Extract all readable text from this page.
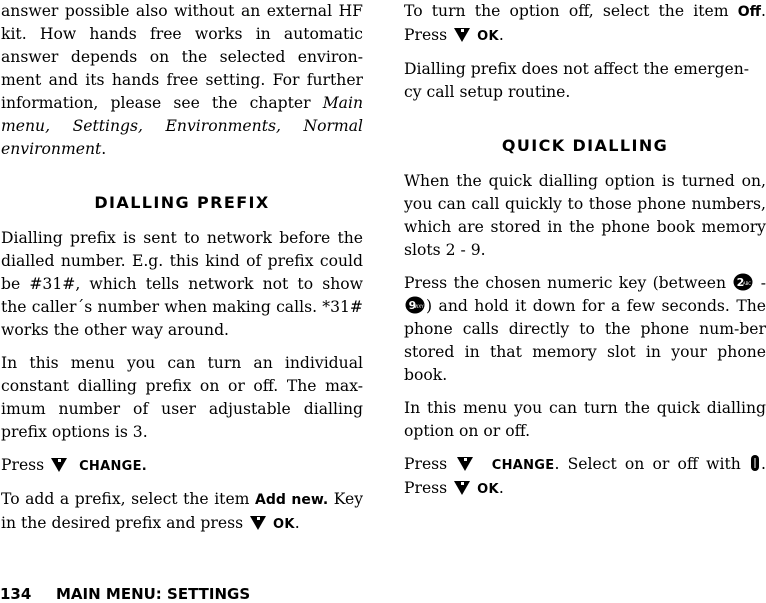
answer possible also without an external HF kit. How hands free works in automatic answer depends on the selected environ-ment and its hands free setting. For further information, please see the chapter Main menu, Settings, Environments, Normal environment.

DIALLING PREFIX

Dialling prefix is sent to network before the dialled number. E.g. this kind of prefix could be #31#, which tells network not to show the caller´s number when making calls. *31# works the other way around.

In this menu you can turn an individual constant dialling prefix on or off. The max-imum number of user adjustable dialling prefix options is 3.

Press	CHANGE.

To add a prefix, select the item Add new. Key in the desired prefix and press  OK.

To turn the option off, select the item Off. Press OK.

Dialling prefix does not affect the emergen-cy call setup routine.

QUICK DIALLING

When the quick dialling option is turned on, you can call quickly to those phone numbers, which are stored in the phone book memory slots 2 - 9.

Press the chosen numeric key (between 2
ABC -
9
WXY ) and hold it down for a few seconds. The phone calls directly to the phone num-ber stored in that memory slot in your phone book.

In this menu you can turn the quick dialling option on or off.

Press	CHANGE. Select on or off with . Press OK.

134 MAIN MENU: SETTINGS
